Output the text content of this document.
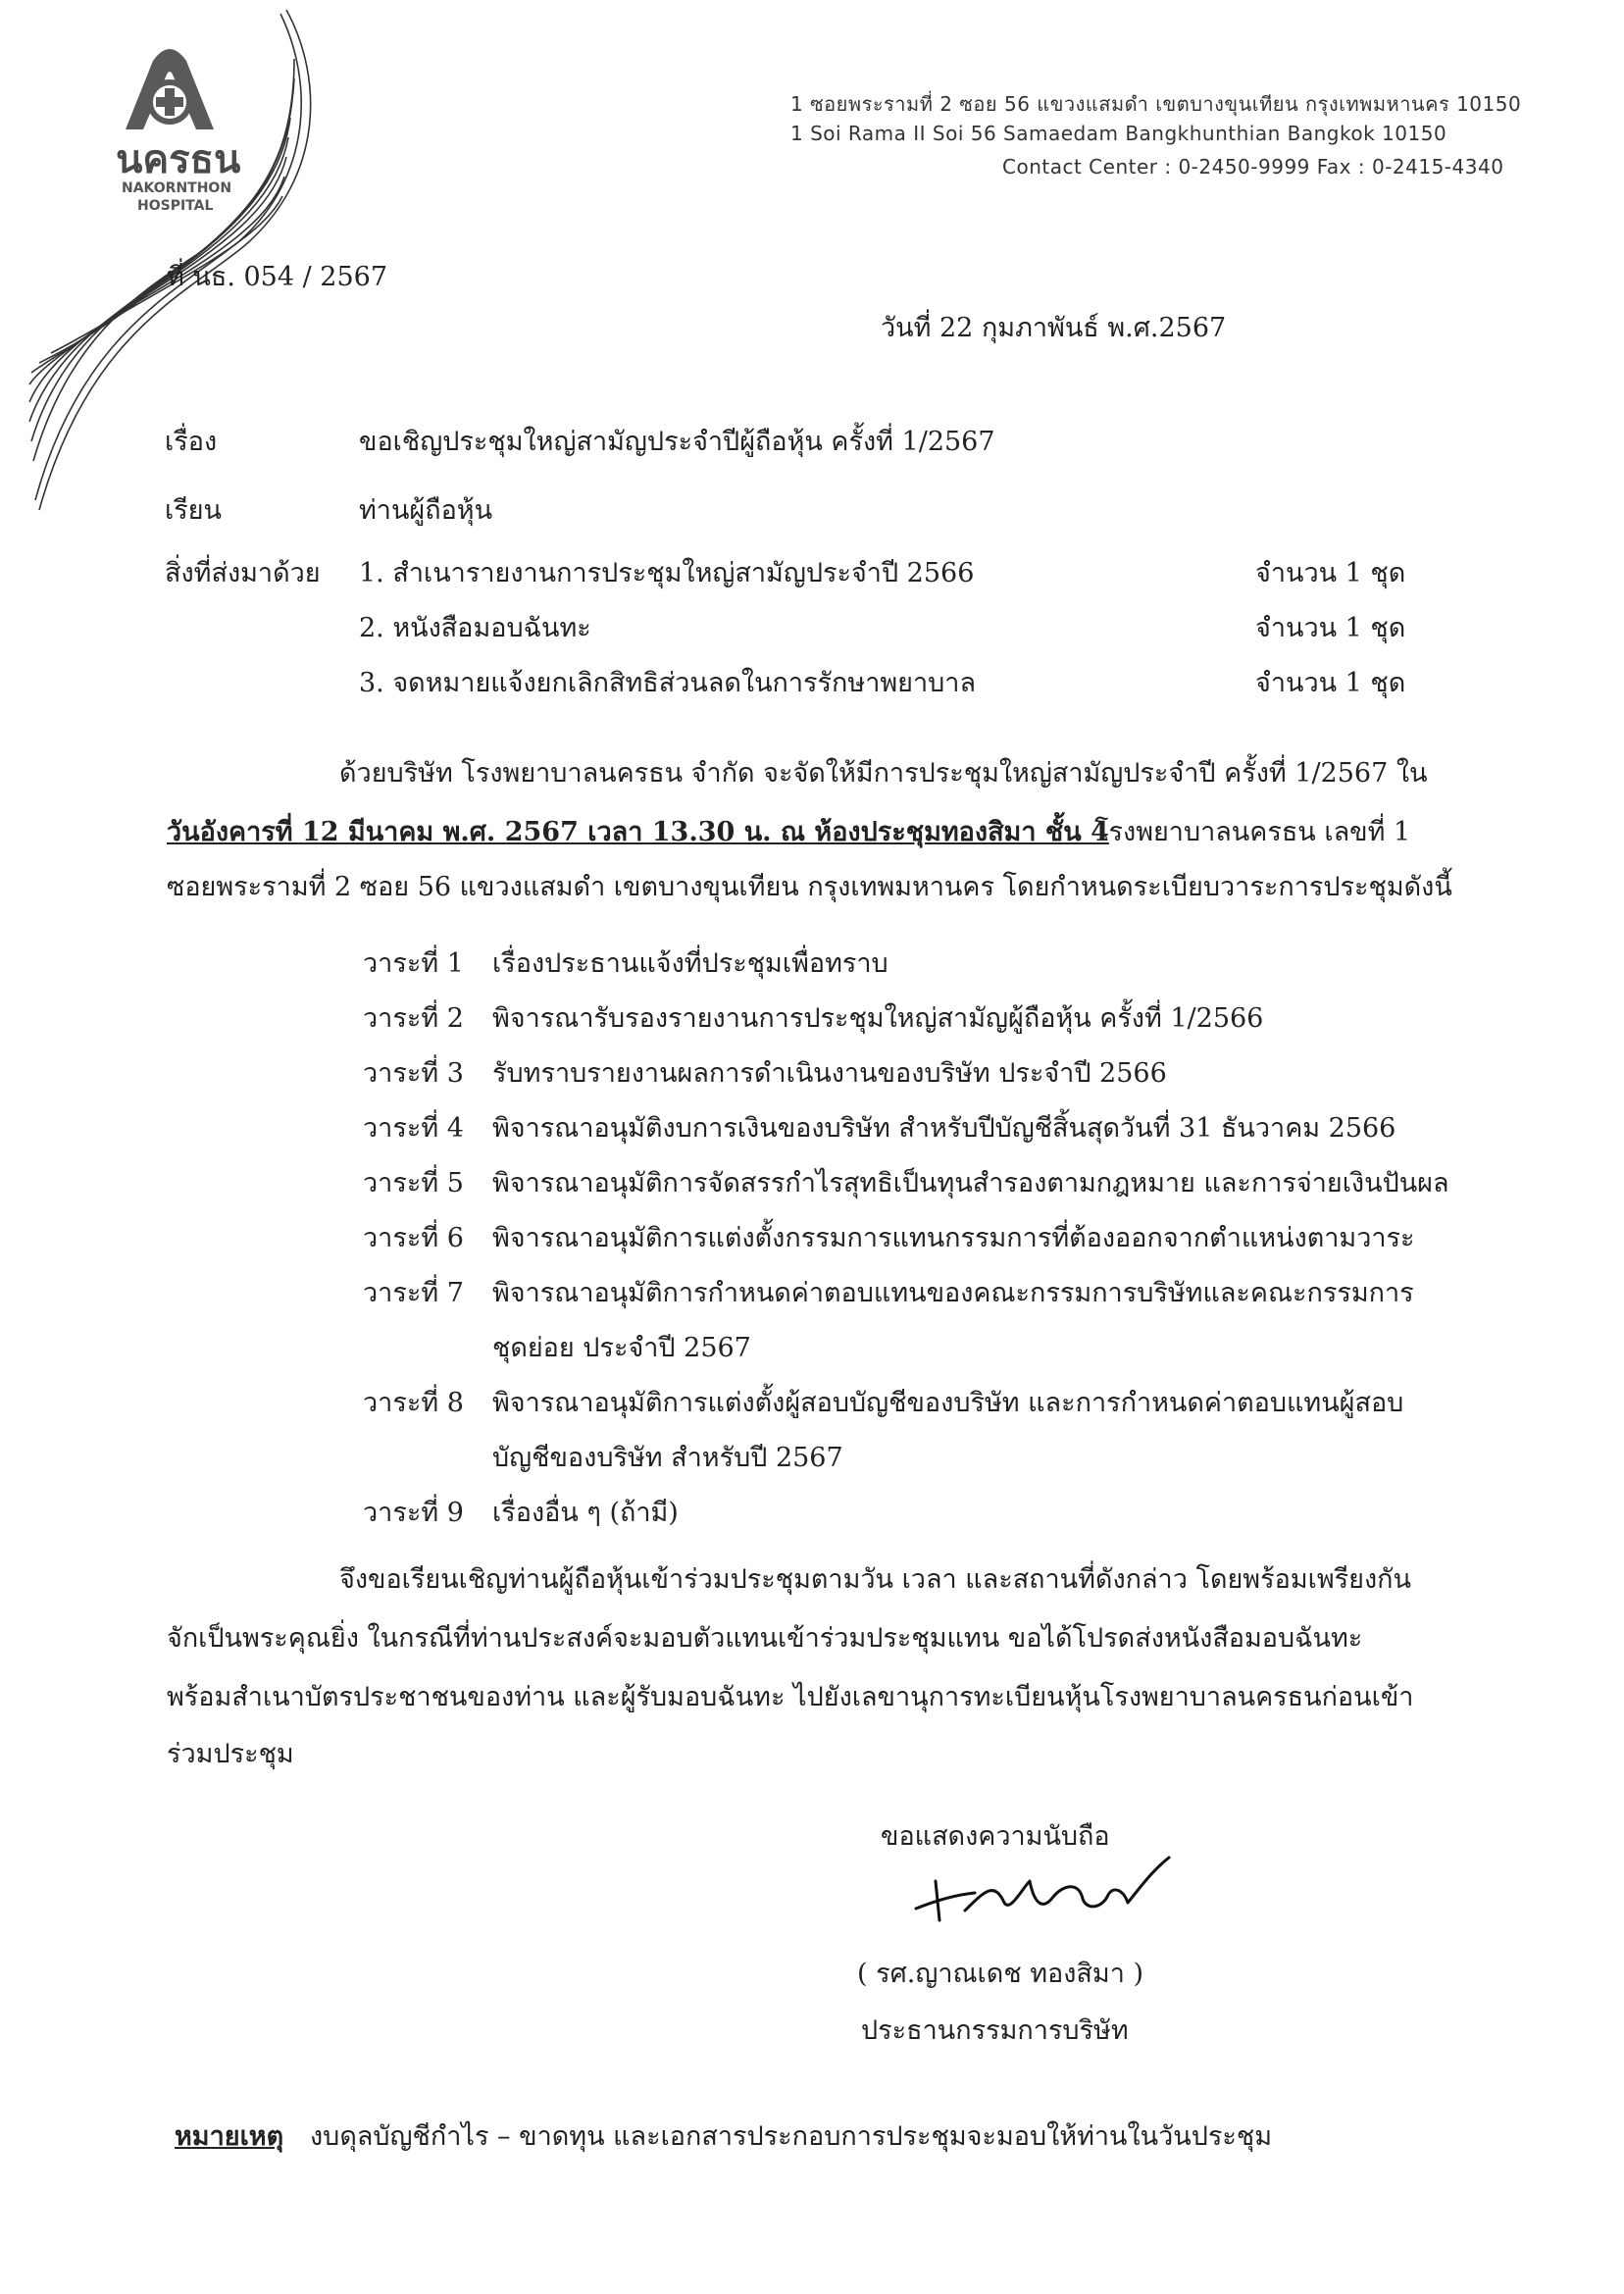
นครธน
NAKORNTHON
HOSPITAL
1 ซอยพระรามที่ 2 ซอย 56 แขวงแสมดำ เขตบางขุนเทียน กรุงเทพมหานคร 10150
1 Soi Rama II Soi 56 Samaedam Bangkhunthian Bangkok 10150
Contact Center : 0-2450-9999 Fax : 0-2415-4340
ที่ นธ. 054 / 2567
วันที่ 22 กุมภาพันธ์ พ.ศ.2567
เรื่อง	ขอเชิญประชุมใหญ่สามัญประจำปีผู้ถือหุ้น ครั้งที่ 1/2567
เรียน	ท่านผู้ถือหุ้น
สิ่งที่ส่งมาด้วย 1. สำเนารายงานการประชุมใหญ่สามัญประจำปี 2566	จำนวน 1 ชุด
2. หนังสือมอบฉันทะ	จำนวน 1 ชุด
3. จดหมายแจ้งยกเลิกสิทธิส่วนลดในการรักษาพยาบาล	จำนวน 1 ชุด
ด้วยบริษัท โรงพยาบาลนครธน จำกัด จะจัดให้มีการประชุมใหญ่สามัญประจำปี ครั้งที่ 1/2567 ใน
วันอังคารที่ 12 มีนาคม พ.ศ. 2567 เวลา 13.30 น. ณ ห้องประชุมทองสิมา ชั้น 4
โรงพยาบาลนครธน เลขที่ 1
ซอยพระรามที่ 2 ซอย 56 แขวงแสมดำ เขตบางขุนเทียน กรุงเทพมหานคร โดยกำหนดระเบียบวาระการประชุมดังนี้
วาระที่ 1 เรื่องประธานแจ้งที่ประชุมเพื่อทราบ
วาระที่ 2 พิจารณารับรองรายงานการประชุมใหญ่สามัญผู้ถือหุ้น ครั้งที่ 1/2566
วาระที่ 3 รับทราบรายงานผลการดำเนินงานของบริษัท ประจำปี 2566
วาระที่ 4 พิจารณาอนุมัติงบการเงินของบริษัท สำหรับปีบัญชีสิ้นสุดวันที่ 31 ธันวาคม 2566
วาระที่ 5 พิจารณาอนุมัติการจัดสรรกำไรสุทธิเป็นทุนสำรองตามกฎหมาย และการจ่ายเงินปันผล
วาระที่ 6 พิจารณาอนุมัติการแต่งตั้งกรรมการแทนกรรมการที่ต้องออกจากตำแหน่งตามวาระ
วาระที่ 7 พิจารณาอนุมัติการกำหนดค่าตอบแทนของคณะกรรมการบริษัทและคณะกรรมการ
ชุดย่อย ประจำปี 2567
วาระที่ 8 พิจารณาอนุมัติการแต่งตั้งผู้สอบบัญชีของบริษัท และการกำหนดค่าตอบแทนผู้สอบ
บัญชีของบริษัท สำหรับปี 2567
วาระที่ 9 เรื่องอื่น ๆ (ถ้ามี)
จึงขอเรียนเชิญท่านผู้ถือหุ้นเข้าร่วมประชุมตามวัน เวลา และสถานที่ดังกล่าว โดยพร้อมเพรียงกัน
จักเป็นพระคุณยิ่ง ในกรณีที่ท่านประสงค์จะมอบตัวแทนเข้าร่วมประชุมแทน ขอได้โปรดส่งหนังสือมอบฉันทะ
พร้อมสำเนาบัตรประชาชนของท่าน และผู้รับมอบฉันทะ ไปยังเลขานุการทะเบียนหุ้นโรงพยาบาลนครธนก่อนเข้า
ร่วมประชุม
ขอแสดงความนับถือ
( รศ.ญาณเดช ทองสิมา )
ประธานกรรมการบริษัท
หมายเหตุ งบดุลบัญชีกำไร – ขาดทุน และเอกสารประกอบการประชุมจะมอบให้ท่านในวันประชุม
